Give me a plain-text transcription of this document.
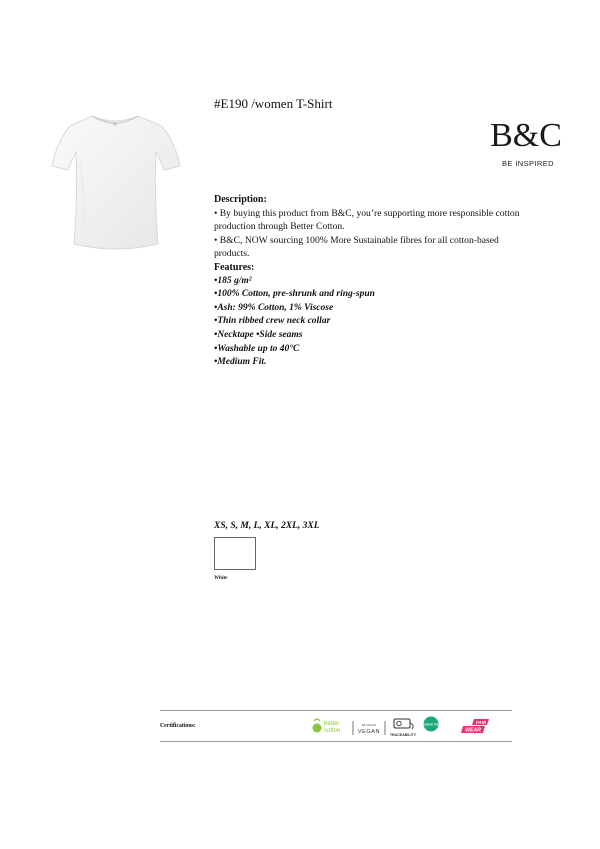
#E190 /women T-Shirt
B&C
BE INSPIRED
Description:
• By buying this product from B&C, you’re supporting more responsible cotton production through Better Cotton.
• B&C, NOW sourcing 100% More Sustainable fibres for all cotton-based products.
Features:
•185 g/m²
•100% Cotton, pre-shrunk and ring-spun
•Ash: 99% Cotton, 1% Viscose
•Thin ribbed crew neck collar
•Necktape •Side seams
•Washable up to 40°C
•Medium Fit.
XS, S, M, L, XL, 2XL, 3XL
White
Certifications:	better
cotton
BE VEGAN
VEGAN	TRACEABILITY
GREEN TEE
FAIR
WEAR
